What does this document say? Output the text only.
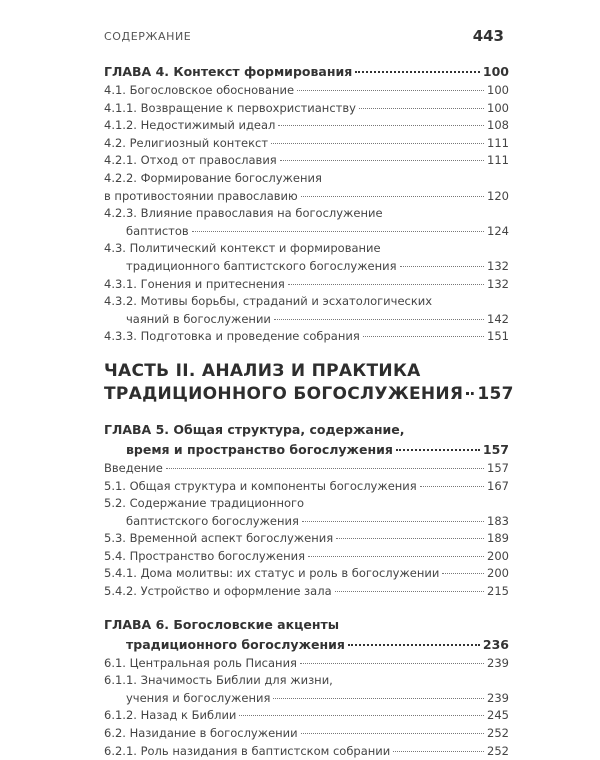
СОДЕРЖАНИЕ	443
ГЛАВА 4. Контекст формирования	100
4.1. Богословское обоснование	100
4.1.1. Возвращение к первохристианству	100
4.1.2. Недостижимый идеал	108
4.2. Религиозный контекст	111
4.2.1. Отход от православия	111
4.2.2. Формирование богослужения
в противостоянии православию	120
4.2.3. Влияние православия на богослужение
баптистов	124
4.3. Политический контекст и формирование
традиционного баптистского богослужения	132
4.3.1. Гонения и притеснения	132
4.3.2. Мотивы борьбы, страданий и эсхатологических
чаяний в богослужении	142
4.3.3. Подготовка и проведение собрания	151
ЧАСТЬ II. АНАЛИЗ И ПРАКТИКА
ТРАДИЦИОННОГО БОГОСЛУЖЕНИЯ 157
ГЛАВА 5. Общая структура, содержание,
время и пространство богослужения	157
Введение	157
5.1. Общая структура и компоненты богослужения	167
5.2. Содержание традиционного
баптистского богослужения	183
5.3. Временной аспект богослужения	189
5.4. Пространство богослужения	200
5.4.1. Дома молитвы: их статус и роль в богослужении	200
5.4.2. Устройство и оформление зала	215
ГЛАВА 6. Богословские акценты
традиционного богослужения	236
6.1. Центральная роль Писания	239
6.1.1. Значимость Библии для жизни,
учения и богослужения	239
6.1.2. Назад к Библии	245
6.2. Назидание в богослужении	252
6.2.1. Роль назидания в баптистском собрании	252
